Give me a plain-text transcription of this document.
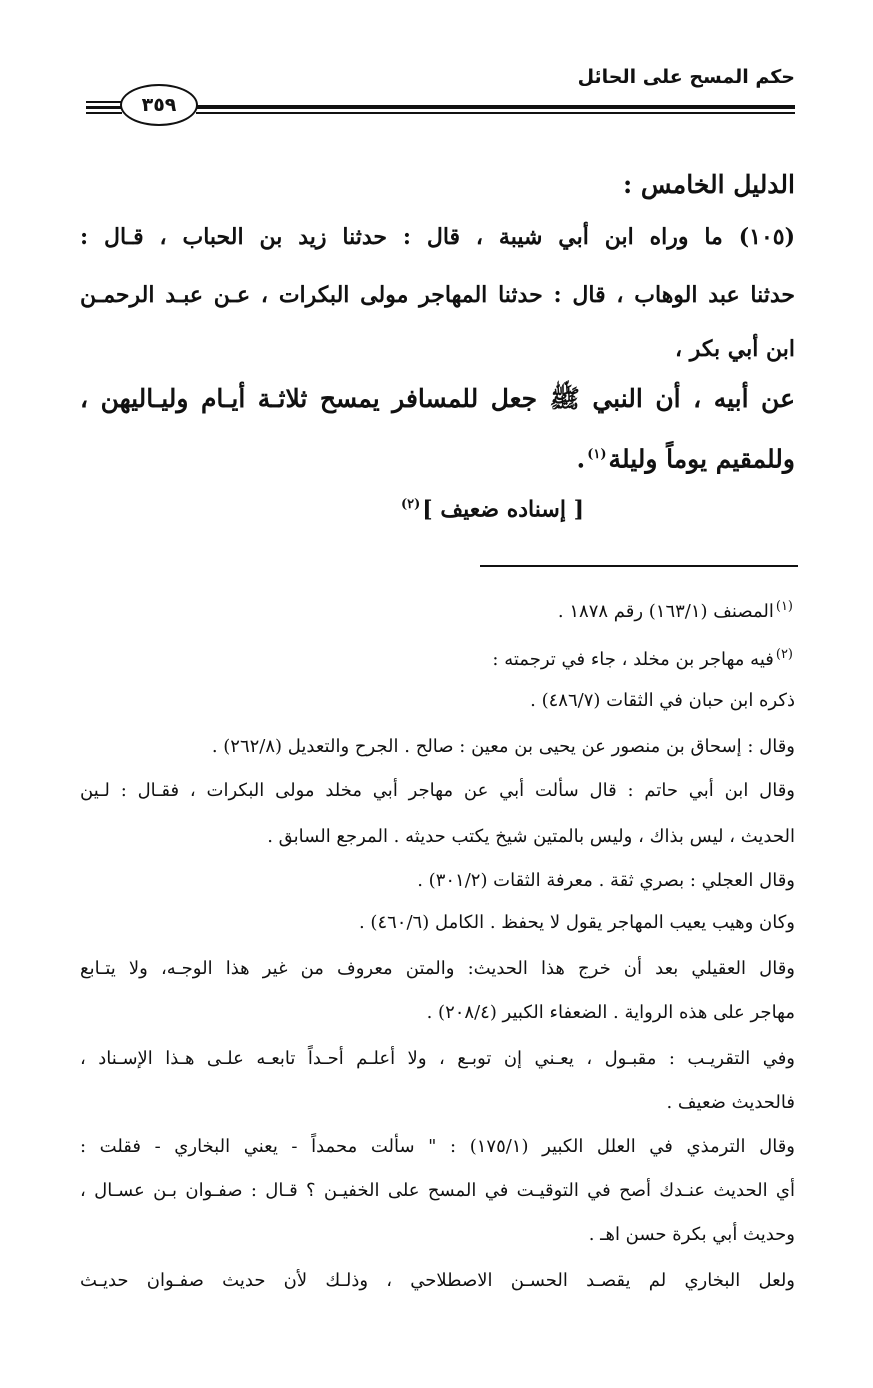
حكم المسح على الحائل
٣٥٩
الدليل الخامس :
(١٠٥) ما وراه ابن أبي شيبة ، قال : حدثنا زيد بن الحباب ، قـال :
حدثنا عبد الوهاب ، قال : حدثنا المهاجر مولى البكرات ، عـن عبـد الرحمـن
ابن أبي بكر ،
عن أبيه ، أن النبي ﷺ جعل للمسافر يمسح ثلاثـة أيـام وليـاليهن ،
وللمقيم يوماً وليلة$^{(١)}$.
[ إسناده ضعيف ]$^{(٢)}$
$^{(١)}$المصنف (١٦٣/١) رقم ١٨٧٨ .
$^{(٢)}$فيه مهاجر بن مخلد ، جاء في ترجمته :
ذكره ابن حبان في الثقات (٤٨٦/٧) .
وقال : إسحاق بن منصور عن يحيى بن معين : صالح . الجرح والتعديل (٢٦٢/٨) .
وقال ابن أبي حاتم : قال سألت أبي عن مهاجر أبي مخلد مولى البكرات ، فقـال : لـين
الحديث ، ليس بذاك ، وليس بالمتين شيخ يكتب حديثه . المرجع السابق .
وقال العجلي : بصري ثقة . معرفة الثقات (٣٠١/٢) .
وكان وهيب يعيب المهاجر يقول لا يحفظ . الكامل (٤٦٠/٦) .
وقال العقيلي بعد أن خرج هذا الحديث: والمتن معروف من غير هذا الوجـه، ولا يتـابع
مهاجر على هذه الرواية . الضعفاء الكبير (٢٠٨/٤) .
وفي التقريـب : مقبـول ، يعـني إن توبـع ، ولا أعلـم أحـداً تابعـه علـى هـذا الإسـناد ،
فالحديث ضعيف .
وقال الترمذي في العلل الكبير (١٧٥/١) : " سألت محمداً - يعني البخاري - فقلت :
أي الحديث عنـدك أصح في التوقيـت في المسح على الخفيـن ؟ قـال : صفـوان بـن عسـال ،
وحديث أبي بكرة حسن اهـ .
ولعل البخاري لم يقصـد الحسـن الاصطلاحي ، وذلـك لأن حديث صفـوان حديـث
